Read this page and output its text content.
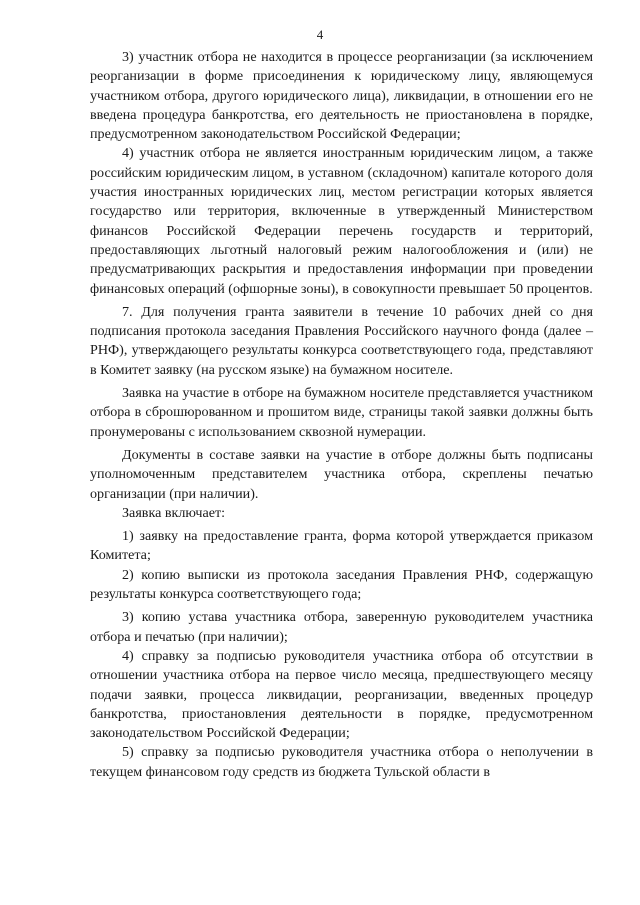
4

3) участник отбора не находится в процессе реорганизации (за исключением реорганизации в форме присоединения к юридическому лицу, являющемуся участником отбора, другого юридического лица), ликвидации, в отношении его не введена процедура банкротства, его деятельность не приостановлена в порядке, предусмотренном законодательством Российской Федерации;

4) участник отбора не является иностранным юридическим лицом, а также российским юридическим лицом, в уставном (складочном) капитале которого доля участия иностранных юридических лиц, местом регистрации которых является государство или территория, включенные в утвержденный Министерством финансов Российской Федерации перечень государств и территорий, предоставляющих льготный налоговый режим налогообложения и (или) не предусматривающих раскрытия и предоставления информации при проведении финансовых операций (офшорные зоны), в совокупности превышает 50 процентов.

7. Для получения гранта заявители в течение 10 рабочих дней со дня подписания протокола заседания Правления Российского научного фонда (далее – РНФ), утверждающего результаты конкурса соответствующего года, представляют в Комитет заявку (на русском языке) на бумажном носителе.

Заявка на участие в отборе на бумажном носителе представляется участником отбора в сброшюрованном и прошитом виде, страницы такой заявки должны быть пронумерованы с использованием сквозной нумерации.

Документы в составе заявки на участие в отборе должны быть подписаны уполномоченным представителем участника отбора, скреплены печатью организации (при наличии).

Заявка включает:

1) заявку на предоставление гранта, форма которой утверждается приказом Комитета;

2) копию выписки из протокола заседания Правления РНФ, содержащую результаты конкурса соответствующего года;

3) копию устава участника отбора, заверенную руководителем участника отбора и печатью (при наличии);

4) справку за подписью руководителя участника отбора об отсутствии в отношении участника отбора на первое число месяца, предшествующего месяцу подачи заявки, процесса ликвидации, реорганизации, введенных процедур банкротства, приостановления деятельности в порядке, предусмотренном законодательством Российской Федерации;

5) справку за подписью руководителя участника отбора о неполучении в текущем финансовом году средств из бюджета Тульской области в
